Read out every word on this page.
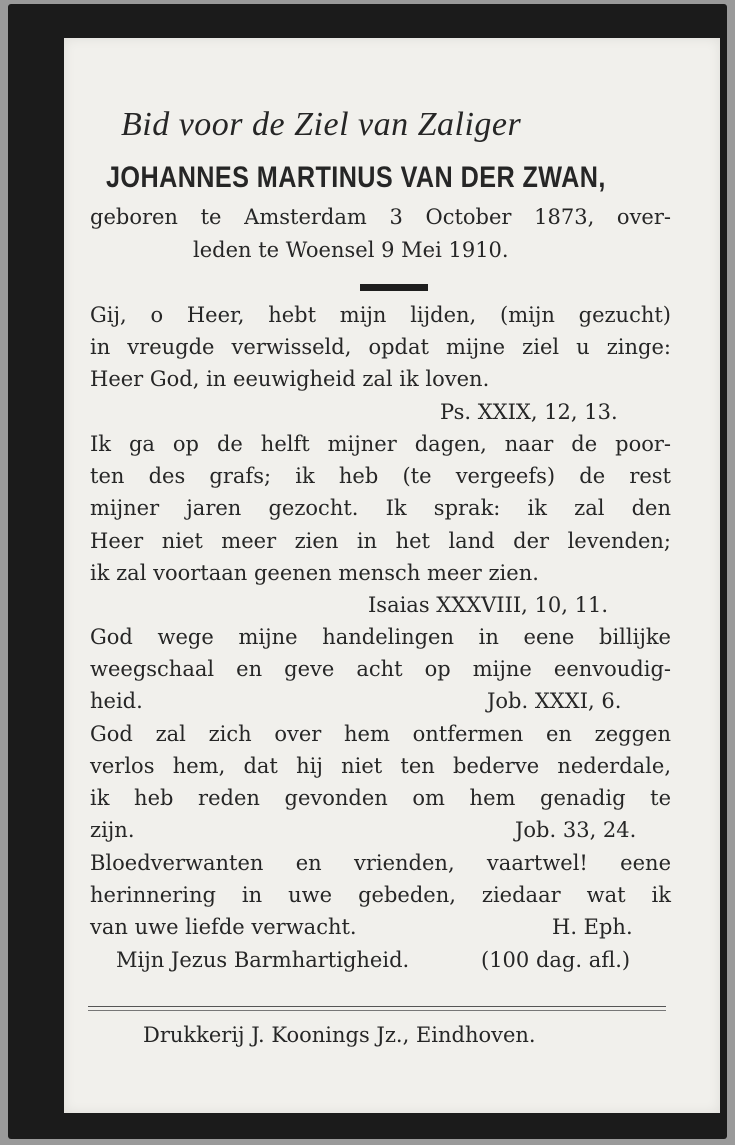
Bid voor de Ziel van Zaliger
JOHANNES MARTINUS VAN DER ZWAN,
geboren te Amsterdam 3 October 1873, over-
leden te Woensel 9 Mei 1910.
Gij, o Heer, hebt mijn lijden, (mijn gezucht)
in vreugde verwisseld, opdat mijne ziel u zinge:
Heer God, in eeuwigheid zal ik loven.
Ps. XXIX, 12, 13.
Ik ga op de helft mijner dagen, naar de poor-
ten des grafs; ik heb (te vergeefs) de rest
mijner jaren gezocht. Ik sprak: ik zal den
Heer niet meer zien in het land der levenden;
ik zal voortaan geenen mensch meer zien.
Isaias XXXVIII, 10, 11.
God wege mijne handelingen in eene billijke
weegschaal en geve acht op mijne eenvoudig-
heid.	Job. XXXI, 6.
God zal zich over hem ontfermen en zeggen
verlos hem, dat hij niet ten bederve nederdale,
ik heb reden gevonden om hem genadig te
zijn.	Job. 33, 24.
Bloedverwanten en vrienden, vaartwel! eene
herinnering in uwe gebeden, ziedaar wat ik
van uwe liefde verwacht.	H. Eph.
Mijn Jezus Barmhartigheid.	(100 dag. afl.)
Drukkerij J. Koonings Jz., Eindhoven.
